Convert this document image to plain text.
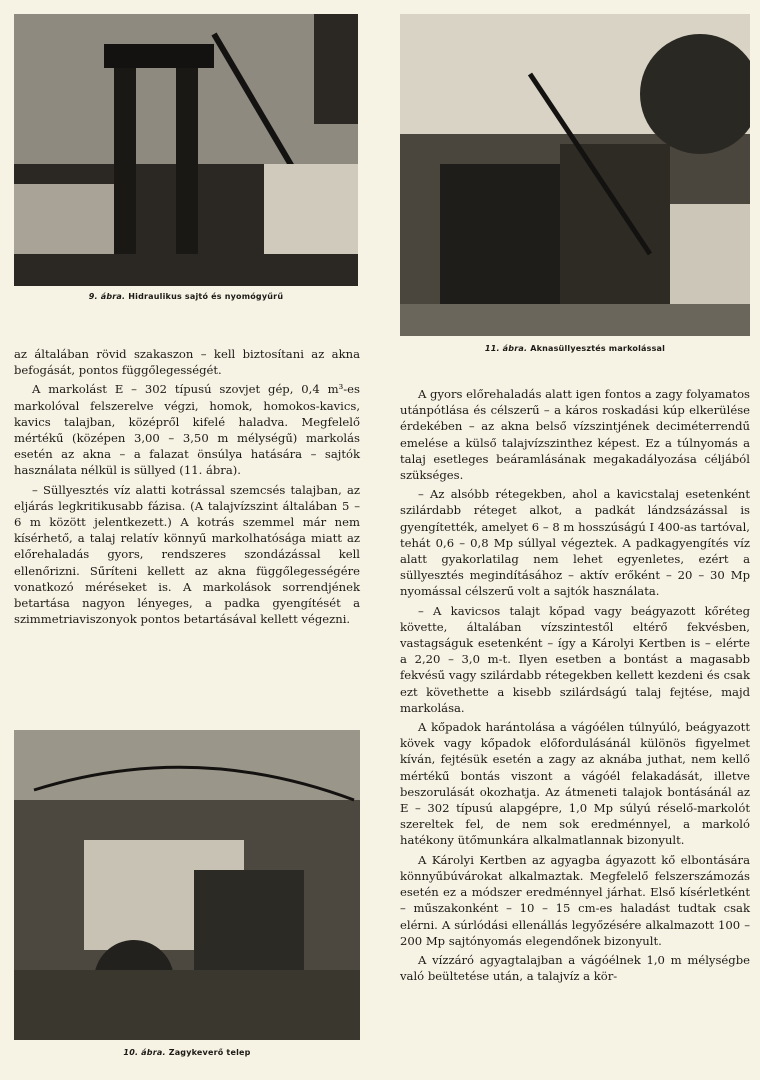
9. ábra. Hidraulikus sajtó és nyomógyűrű
11. ábra. Aknasüllyesztés markolással
10. ábra. Zagykeverő telep

az általában rövid szakaszon – kell biztosítani az akna befogását, pontos függőlegességét.

A markolást E – 302 típusú szovjet gép, 0,4 m³-es markolóval felszerelve végzi, homok, homokos-kavics, kavics talajban, középről kifelé haladva. Megfelelő mértékű (középen 3,00 – 3,50 m mélységű) markolás esetén az akna – a falazat önsúlya hatására – sajtók használata nélkül is süllyed (11. ábra).

– Süllyesztés víz alatti kotrással szemcsés talajban, az eljárás legkritikusabb fázisa. (A talajvízszint általában 5 – 6 m között jelentkezett.) A kotrás szemmel már nem kísérhető, a talaj relatív könnyű markolhatósága miatt az előrehaladás gyors, rendszeres szondázással kell ellenőrizni. Sűríteni kellett az akna függőlegességére vonatkozó méréseket is. A markolások sorrendjének betartása nagyon lényeges, a padka gyengítését a szimmetriaviszonyok pontos betartásával kellett végezni.

A gyors előrehaladás alatt igen fontos a zagy folyamatos utánpótlása és célszerű – a káros roskadási kúp elkerülése érdekében – az akna belső vízszintjének deciméterrendű emelése a külső talajvízszinthez képest. Ez a túlnyomás a talaj esetleges beáramlásának megakadályozása céljából szükséges.

– Az alsóbb rétegekben, ahol a kavicstalaj esetenként szilárdabb réteget alkot, a padkát lándzsázással is gyengítették, amelyet 6 – 8 m hosszúságú I 400-as tartóval, tehát 0,6 – 0,8 Mp súllyal végeztek. A padkagyengítés víz alatt gyakorlatilag nem lehet egyenletes, ezért a süllyesztés megindításához – aktív erőként – 20 – 30 Mp nyomással célszerű volt a sajtók használata.

– A kavicsos talajt kőpad vagy beágyazott kőréteg követte, általában vízszintestől eltérő fekvésben, vastagságuk esetenként – így a Károlyi Kertben is – elérte a 2,20 – 3,0 m-t. Ilyen esetben a bontást a magasabb fekvésű vagy szilárdabb rétegekben kellett kezdeni és csak ezt követhette a kisebb szilárdságú talaj fejtése, majd markolása.

A kőpadok harántolása a vágóélen túlnyúló, beágyazott kövek vagy kőpadok előfordulásánál különös figyelmet kíván, fejtésük esetén a zagy az aknába juthat, nem kellő mértékű bontás viszont a vágóél felakadását, illetve beszorulását okozhatja. Az átmeneti talajok bontásánál az E – 302 típusú alapgépre, 1,0 Mp súlyú réselő-markolót szereltek fel, de nem sok eredménnyel, a markoló hatékony ütőmunkára alkalmatlannak bizonyult.

A Károlyi Kertben az agyagba ágyazott kő elbontására könnyűbúvárokat alkalmaztak. Megfelelő felszerszámozás esetén ez a módszer eredménnyel járhat. Első kísérletként – műszakonként – 10 – 15 cm-es haladást tudtak csak elérni. A súrlódási ellenállás legyőzésére alkalmazott 100 – 200 Mp sajtónyomás elegendőnek bizonyult.

A vízzáró agyagtalajban a vágóélnek 1,0 m mélységbe való beültetése után, a talajvíz a kör-
